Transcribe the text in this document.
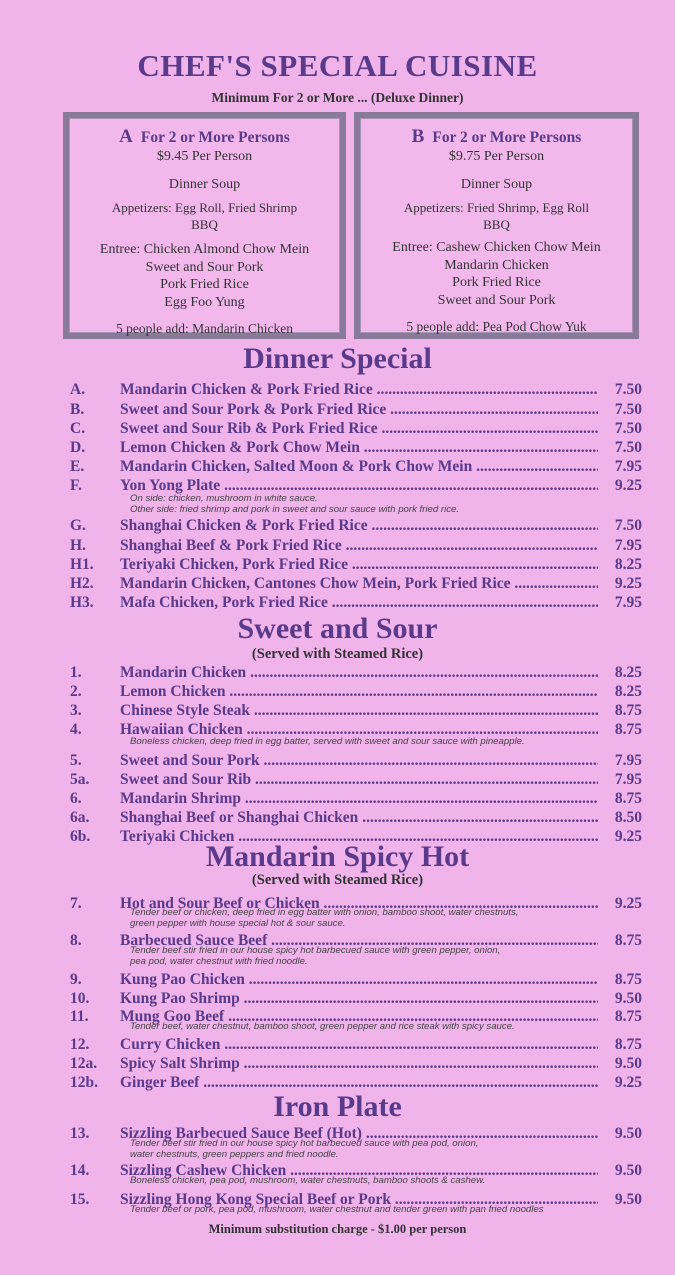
CHEF'S SPECIAL CUISINE
Minimum For 2 or More ... (Deluxe Dinner)
A For 2 or More Persons
$9.45 Per Person
Dinner Soup
Appetizers: Egg Roll, Fried Shrimp
BBQ
Entree: Chicken Almond Chow Mein
Sweet and Sour Pork
Pork Fried Rice
Egg Foo Yung
5 people add: Mandarin Chicken
B For 2 or More Persons
$9.75 Per Person
Dinner Soup
Appetizers: Fried Shrimp, Egg Roll
BBQ
Entree: Cashew Chicken Chow Mein
Mandarin Chicken
Pork Fried Rice
Sweet and Sour Pork
5 people add: Pea Pod Chow Yuk
Dinner Special
A.	Mandarin Chicken & Pork Fried Rice .....	7.50
B.	Sweet and Sour Pork & Pork Fried Rice .....	7.50
C.	Sweet and Sour Rib & Pork Fried Rice .....	7.50
D.	Lemon Chicken & Pork Chow Mein .....	7.50
E.	Mandarin Chicken, Salted Moon & Pork Chow Mein .....	7.95
F.	Yon Yong Plate .....	9.25
On side: chicken, mushroom in white sauce.
Other side: fried shrimp and pork in sweet and sour sauce with pork fried rice.
G.	Shanghai Chicken & Pork Fried Rice .....	7.50
H.	Shanghai Beef & Pork Fried Rice .....	7.95
H1.	Teriyaki Chicken, Pork Fried Rice .....	8.25
H2.	Mandarin Chicken, Cantones Chow Mein, Pork Fried Rice .....	9.25
H3.	Mafa Chicken, Pork Fried Rice .....	7.95
Sweet and Sour
(Served with Steamed Rice)
1.	Mandarin Chicken .....	8.25
2.	Lemon Chicken .....	8.25
3.	Chinese Style Steak .....	8.75
4.	Hawaiian Chicken .....	8.75
Boneless chicken, deep fried in egg batter, served with sweet and sour sauce with pineapple.
5.	Sweet and Sour Pork .....	7.95
5a.	Sweet and Sour Rib .....	7.95
6.	Mandarin Shrimp .....	8.75
6a.	Shanghai Beef or Shanghai Chicken .....	8.50
6b.	Teriyaki Chicken .....	9.25
Mandarin Spicy Hot
(Served with Steamed Rice)
7.	Hot and Sour Beef or Chicken .....	9.25
Tender beef or chicken, deep fried in egg batter with onion, bamboo shoot, water chestnuts,
green pepper with house special hot & sour sauce.
8.	Barbecued Sauce Beef .....	8.75
Tender beef stir fried in our house spicy hot barbecued sauce with green pepper, onion,
pea pod, water chestnut with fried noodle.
9.	Kung Pao Chicken .....	8.75
10.	Kung Pao Shrimp .....	9.50
11.	Mung Goo Beef .....	8.75
Tender beef, water chestnut, bamboo shoot, green pepper and rice steak with spicy sauce.
12.	Curry Chicken .....	8.75
12a.	Spicy Salt Shrimp .....	9.50
12b.	Ginger Beef .....	9.25
Iron Plate
13.	Sizzling Barbecued Sauce Beef (Hot) .....	9.50
Tender beef stir fried in our house spicy hot barbecued sauce with pea pod, onion,
water chestnuts, green peppers and fried noodle.
14.	Sizzling Cashew Chicken .....	9.50
Boneless chicken, pea pod, mushroom, water chestnuts, bamboo shoots & cashew.
15.	Sizzling Hong Kong Special Beef or Pork .....	9.50
Tender beef or pork, pea pod, mushroom, water chestnut and tender green with pan fried noodles
Minimum substitution charge - $1.00 per person
